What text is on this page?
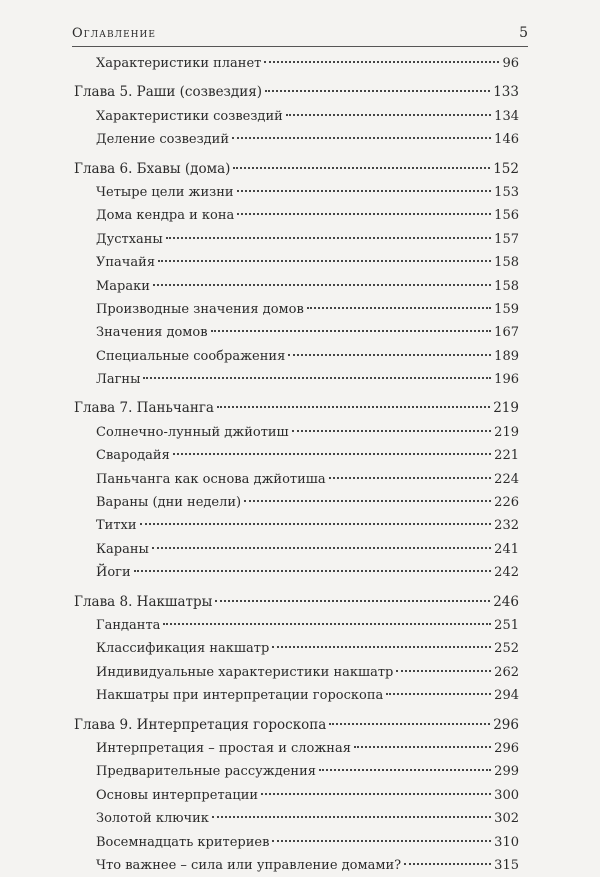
Оглавление	5
Характеристики планет	96
Глава 5. Раши (созвездия)	133
Характеристики созвездий	134
Деление созвездий	146
Глава 6. Бхавы (дома)	152
Четыре цели жизни	153
Дома кендра и кона	156
Дустханы	157
Упачайя	158
Мараки	158
Производные значения домов	159
Значения домов	167
Специальные соображения	189
Лагны	196
Глава 7. Паньчанга	219
Солнечно-лунный джйотиш	219
Свародайя	221
Паньчанга как основа джйотиша	224
Вараны (дни недели)	226
Титхи	232
Караны	241
Йоги	242
Глава 8. Накшатры	246
Ганданта	251
Классификация накшатр	252
Индивидуальные характеристики накшатр	262
Накшатры при интерпретации гороскопа	294
Глава 9. Интерпретация гороскопа	296
Интерпретация – простая и сложная	296
Предварительные рассуждения	299
Основы интерпретации	300
Золотой ключик	302
Восемнадцать критериев	310
Что важнее – сила или управление домами?	315
